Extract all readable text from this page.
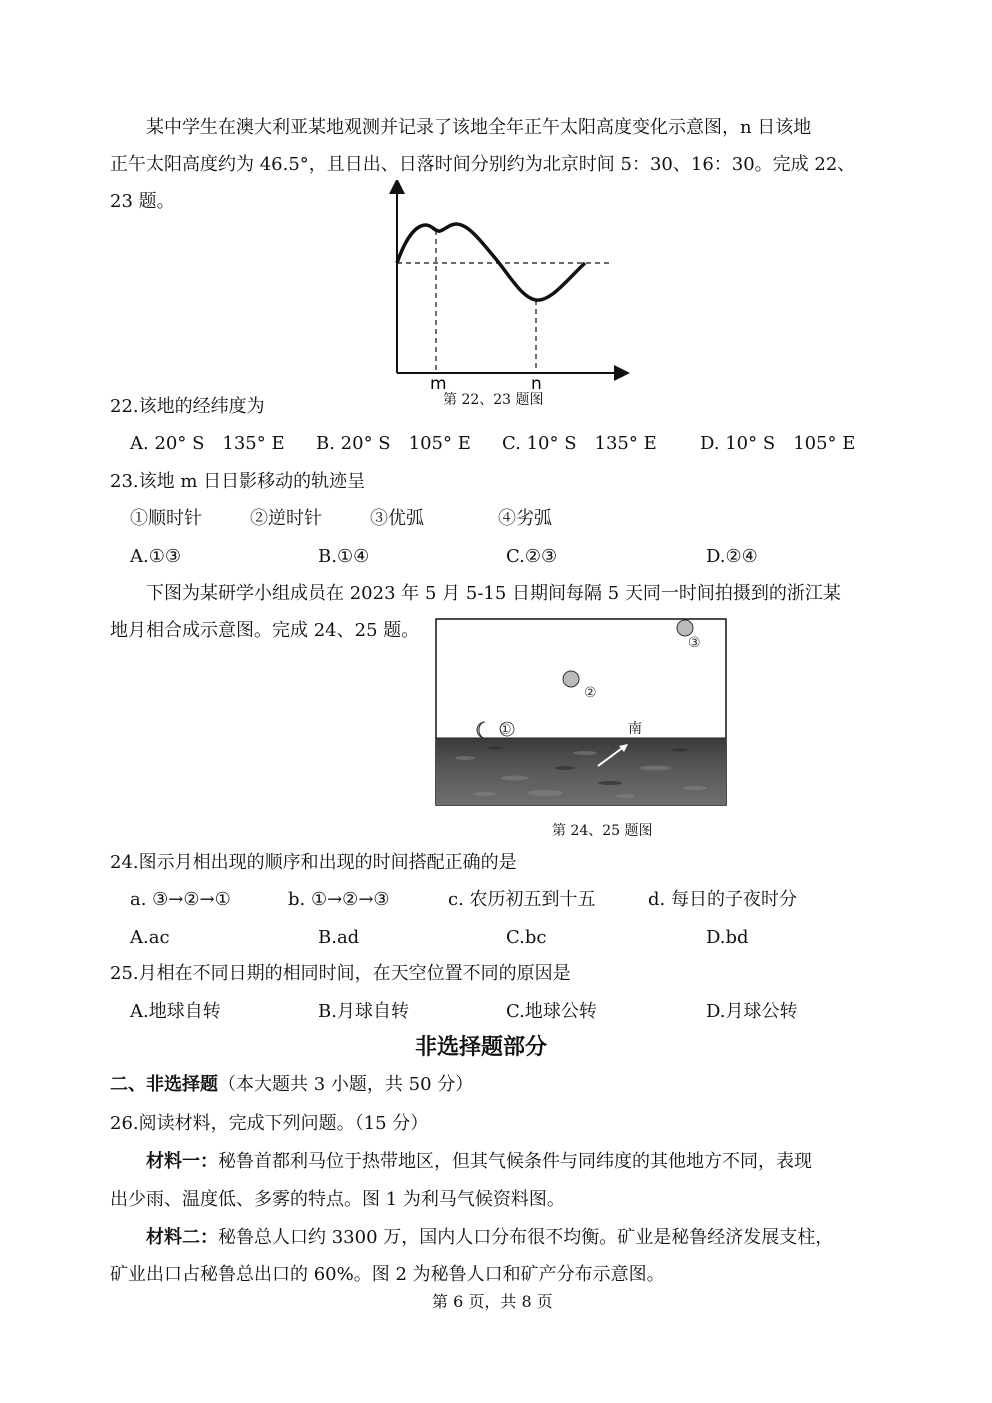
某中学生在澳大利亚某地观测并记录了该地全年正午太阳高度变化示意图，n 日该地
正午太阳高度约为 46.5°，且日出、日落时间分别约为北京时间 5：30、16：30。完成 22、
23 题。
m	n
22.该地的经纬度为	第 22、23 题图
A. 20° S　135° E B. 20° S　105° E C. 10° S　135° E D. 10° S　105° E
23.该地 m 日日影移动的轨迹呈
①顺时针	②逆时针	③优弧	④劣弧
A.①③	B.①④	C.②③	D.②④
下图为某研学小组成员在 2023 年 5 月 5-15 日期间每隔 5 天同一时间拍摄到的浙江某
地月相合成示意图。完成 24、25 题。
南
①
②
③
第 24、25 题图
24.图示月相出现的顺序和出现的时间搭配正确的是
a. ③→②→①	b. ①→②→③	c. 农历初五到十五	d. 每日的子夜时分
A.ac	B.ad	C.bc	D.bd
25.月相在不同日期的相同时间，在天空位置不同的原因是
A.地球自转	B.月球自转	C.地球公转	D.月球公转
非选择题部分
二、非选择题（本大题共 3 小题，共 50 分）
26.阅读材料，完成下列问题。（15 分）
材料一：秘鲁首都利马位于热带地区，但其气候条件与同纬度的其他地方不同，表现
出少雨、温度低、多雾的特点。图 1 为利马气候资料图。
材料二：秘鲁总人口约 3300 万，国内人口分布很不均衡。矿业是秘鲁经济发展支柱，
矿业出口占秘鲁总出口的 60%。图 2 为秘鲁人口和矿产分布示意图。
第 6 页，共 8 页
